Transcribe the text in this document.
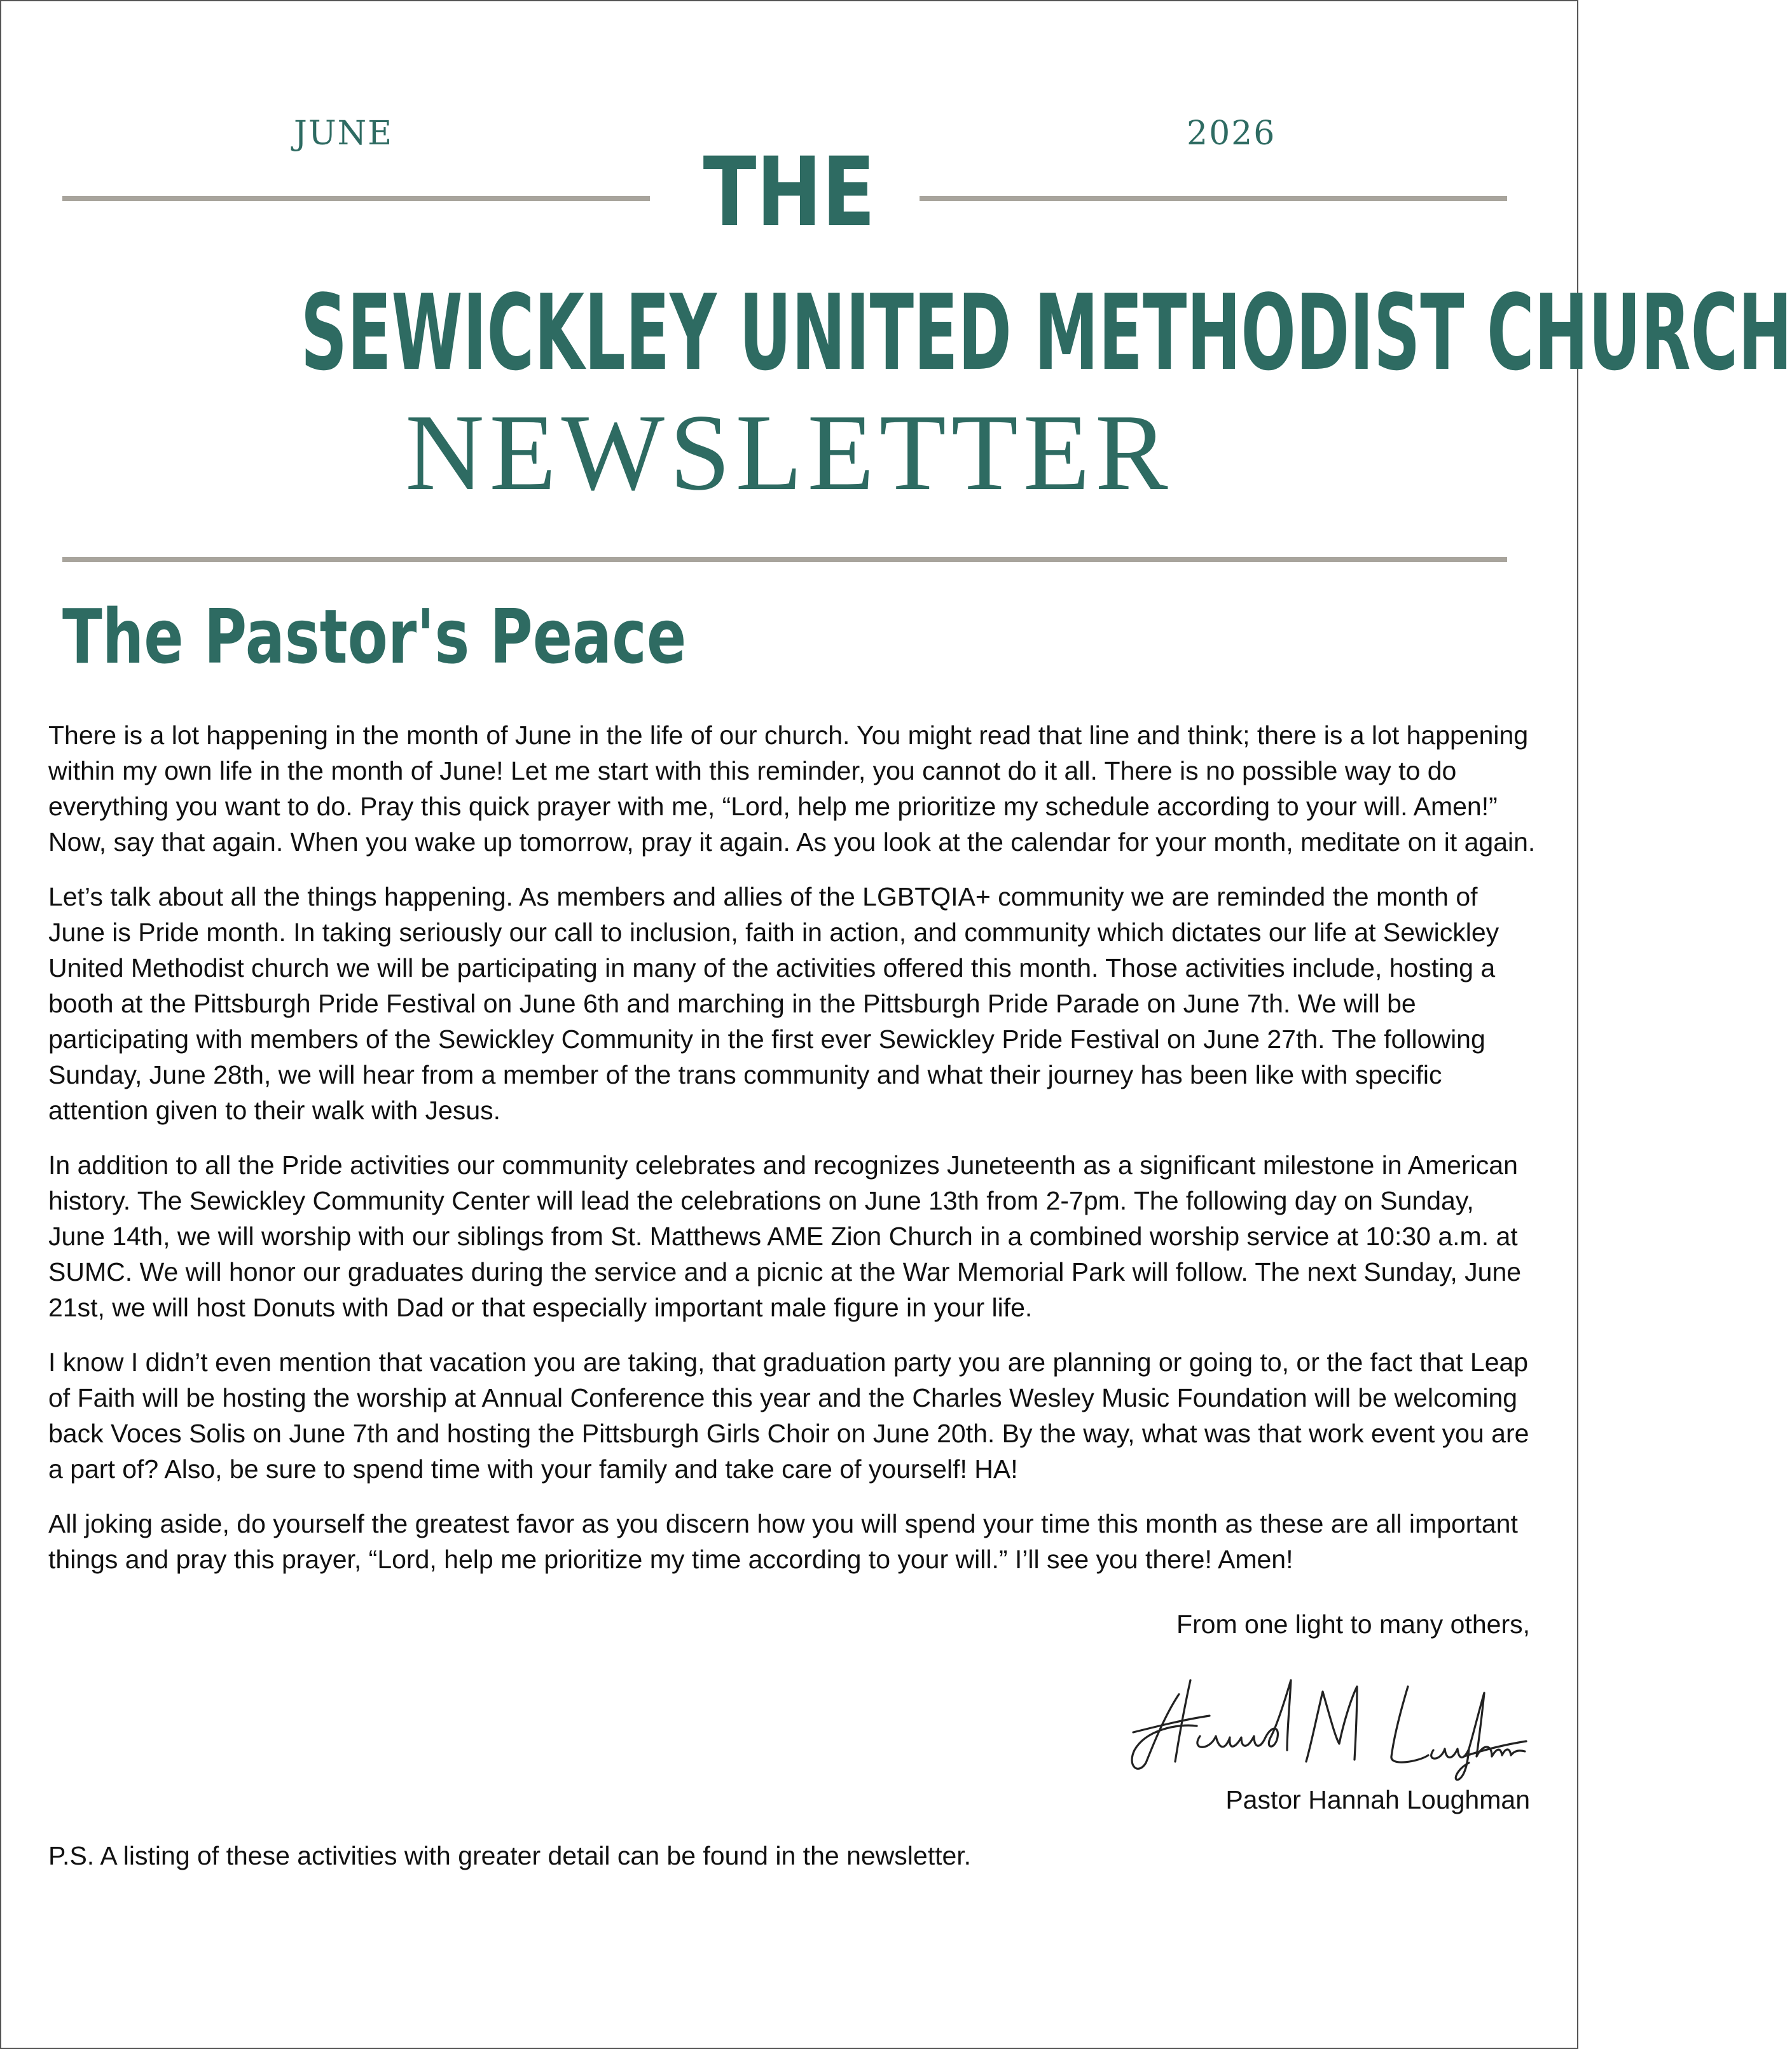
JUNE	2026
THE
SEWICKLEY UNITED METHODIST CHURCH
NEWSLETTER
The Pastor's Peace

There is a lot happening in the month of June in the life of our church. You might read that line and think; there is a lot happening within my own life in the month of June! Let me start with this reminder, you cannot do it all. There is no possible way to do everything you want to do. Pray this quick prayer with me, “Lord, help me prioritize my schedule according to your will. Amen!” Now, say that again. When you wake up tomorrow, pray it again. As you look at the calendar for your month, meditate on it again.

Let’s talk about all the things happening. As members and allies of the LGBTQIA+ community we are reminded the month of June is Pride month. In taking seriously our call to inclusion, faith in action, and community which dictates our life at Sewickley United Methodist church we will be participating in many of the activities offered this month. Those activities include, hosting a booth at the Pittsburgh Pride Festival on June 6th and marching in the Pittsburgh Pride Parade on June 7th. We will be participating with members of the Sewickley Community in the first ever Sewickley Pride Festival on June 27th. The following Sunday, June 28th, we will hear from a member of the trans community and what their journey has been like with specific attention given to their walk with Jesus.

In addition to all the Pride activities our community celebrates and recognizes Juneteenth as a significant milestone in American history. The Sewickley Community Center will lead the celebrations on June 13th from 2-7pm. The following day on Sunday, June 14th, we will worship with our siblings from St. Matthews AME Zion Church in a combined worship service at 10:30 a.m. at SUMC. We will honor our graduates during the service and a picnic at the War Memorial Park will follow. The next Sunday, June 21st, we will host Donuts with Dad or that especially important male figure in your life.

I know I didn’t even mention that vacation you are taking, that graduation party you are planning or going to, or the fact that Leap of Faith will be hosting the worship at Annual Conference this year and the Charles Wesley Music Foundation will be welcoming back Voces Solis on June 7th and hosting the Pittsburgh Girls Choir on June 20th. By the way, what was that work event you are a part of? Also, be sure to spend time with your family and take care of yourself! HA!

All joking aside, do yourself the greatest favor as you discern how you will spend your time this month as these are all important things and pray this prayer, “Lord, help me prioritize my time according to your will.” I’ll see you there! Amen!

From one light to many others,
Pastor Hannah Loughman
P.S. A listing of these activities with greater detail can be found in the newsletter.
